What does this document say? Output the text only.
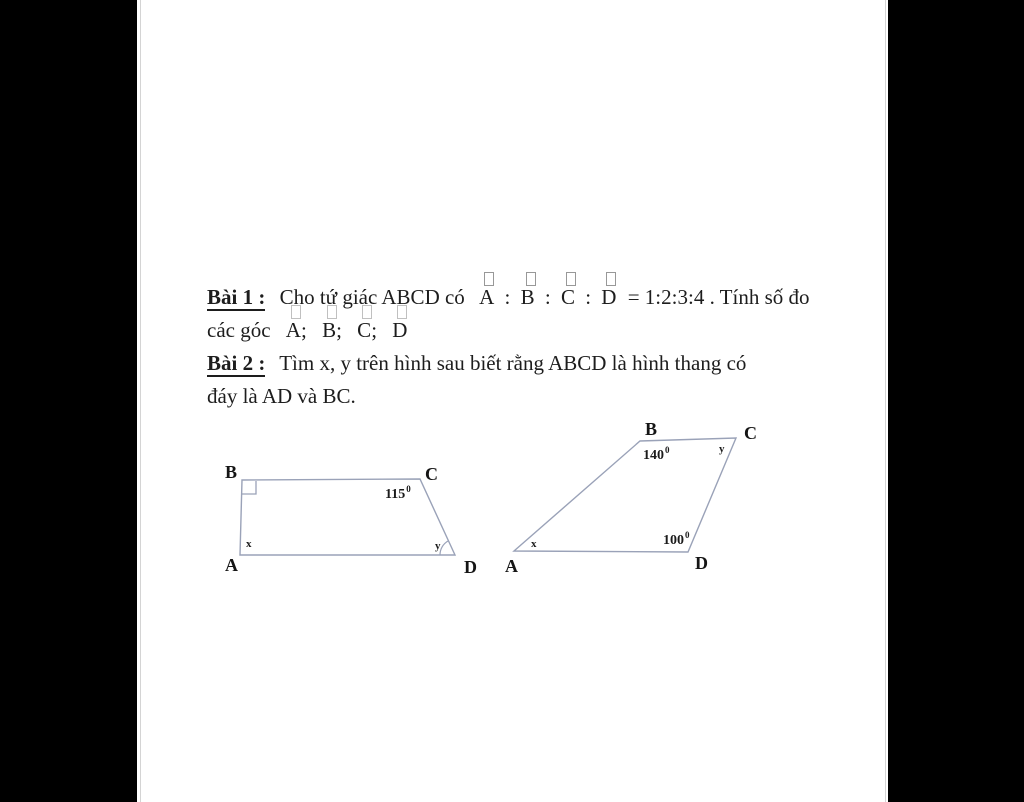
Bài 1 : Cho tứ giác ABCD có A : B : C : D = 1:2:3:4 . Tính số đo

các góc A; B; C; D

Bài 2 : Tìm x, y trên hình sau biết rằng ABCD là hình thang có

đáy là AD và BC.

B	C
A	D
$115^0$
x	y
B	C
A	D
$140^0$
$100^0$
y
x
